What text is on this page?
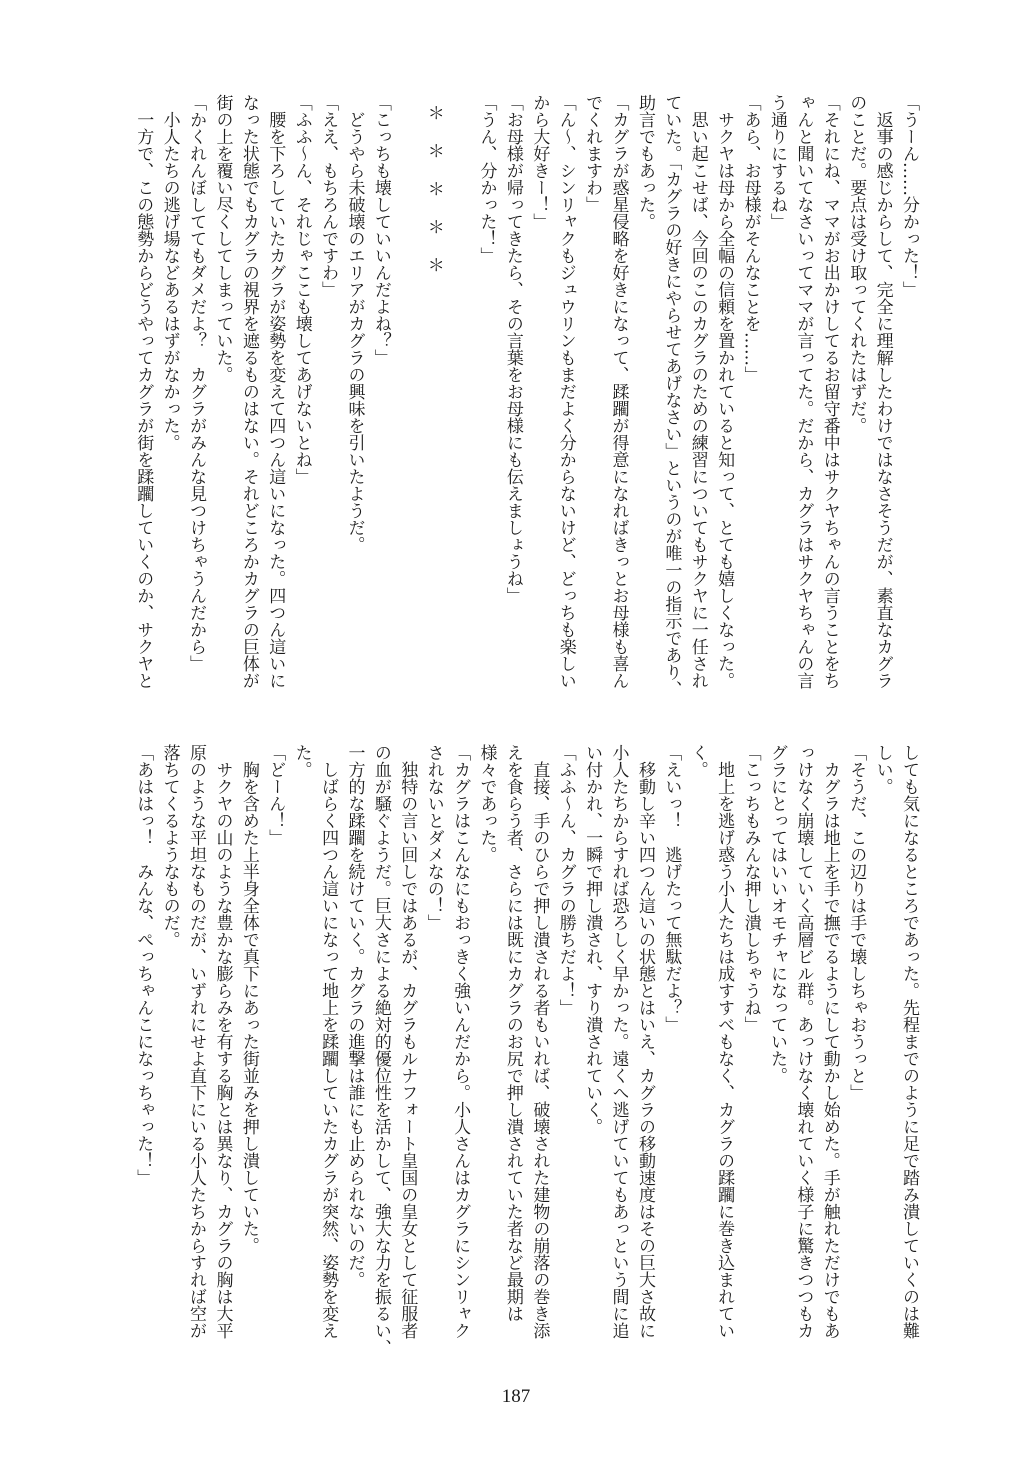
「うーん……分かった！」
　返事の感じからして、完全に理解したわけではなさそうだが、素直なカグラ
のことだ。要点は受け取ってくれたはずだ。
「それにね、ママがお出かけしてるお留守番中はサクヤちゃんの言うことをち
ゃんと聞いてなさいってママが言ってた。だから、カグラはサクヤちゃんの言
う通りにするね」
「あら、お母様がそんなことを……」
　サクヤは母から全幅の信頼を置かれていると知って、とても嬉しくなった。
　思い起こせば、今回のこのカグラのための練習についてもサクヤに一任され
ていた。「カグラの好きにやらせてあげなさい」というのが唯一の指示であり、
助言でもあった。
「カグラが惑星侵略を好きになって、蹂躙が得意になればきっとお母様も喜ん
でくれますわ」
「ん～、シンリャクもジュウリンもまだよく分からないけど、どっちも楽しい
から大好きー！」
「お母様が帰ってきたら、その言葉をお母様にも伝えましょうね」
「うん、分かった！」
＊　＊　＊　＊　＊
「こっちも壊していいんだよね？」
　どうやら未破壊のエリアがカグラの興味を引いたようだ。
「ええ、もちろんですわ」
「ふふ～ん、それじゃここも壊してあげないとね」
　腰を下ろしていたカグラが姿勢を変えて四つん這いになった。四つん這いに
なった状態でもカグラの視界を遮るものはない。それどころかカグラの巨体が
街の上を覆い尽くしてしまっていた。
「かくれんぼしててもダメだよ？　カグラがみんな見つけちゃうんだから」
　小人たちの逃げ場などあるはずがなかった。
　一方で、この態勢からどうやってカグラが街を蹂躙していくのか、サクヤと
しても気になるところであった。先程までのように足で踏み潰していくのは難
しい。
「そうだ、この辺りは手で壊しちゃおうっと」
　カグラは地上を手で撫でるようにして動かし始めた。手が触れただけでもあ
っけなく崩壊していく高層ビル群。あっけなく壊れていく様子に驚きつつもカ
グラにとってはいいオモチャになっていた。
「こっちもみんな押し潰しちゃうね」
　地上を逃げ惑う小人たちは成すすべもなく、カグラの蹂躙に巻き込まれてい
く。
「えいっ！　逃げたって無駄だよ？」
　移動し辛い四つん這いの状態とはいえ、カグラの移動速度はその巨大さ故に
小人たちからすれば恐ろしく早かった。遠くへ逃げていてもあっという間に追
い付かれ、一瞬で押し潰され、すり潰されていく。
「ふふ～ん、カグラの勝ちだよ！」
　直接、手のひらで押し潰される者もいれば、破壊された建物の崩落の巻き添
えを食らう者、さらには既にカグラのお尻で押し潰されていた者など最期は
様々であった。
「カグラはこんなにもおっきく強いんだから。小人さんはカグラにシンリャク
されないとダメなの！」
　独特の言い回しではあるが、カグラもルナフォート皇国の皇女として征服者
の血が騒ぐようだ。巨大さによる絶対的優位性を活かして、強大な力を振るい、
一方的な蹂躙を続けていく。カグラの進撃は誰にも止められないのだ。
　しばらく四つん這いになって地上を蹂躙していたカグラが突然、姿勢を変え
た。
「どーん！」
　胸を含めた上半身全体で真下にあった街並みを押し潰していた。
　サクヤの山のような豊かな膨らみを有する胸とは異なり、カグラの胸は大平
原のような平坦なものだが、いずれにせよ直下にいる小人たちからすれば空が
落ちてくるようなものだ。
「あははっ！　みんな、ぺっちゃんこになっちゃった！」
187
